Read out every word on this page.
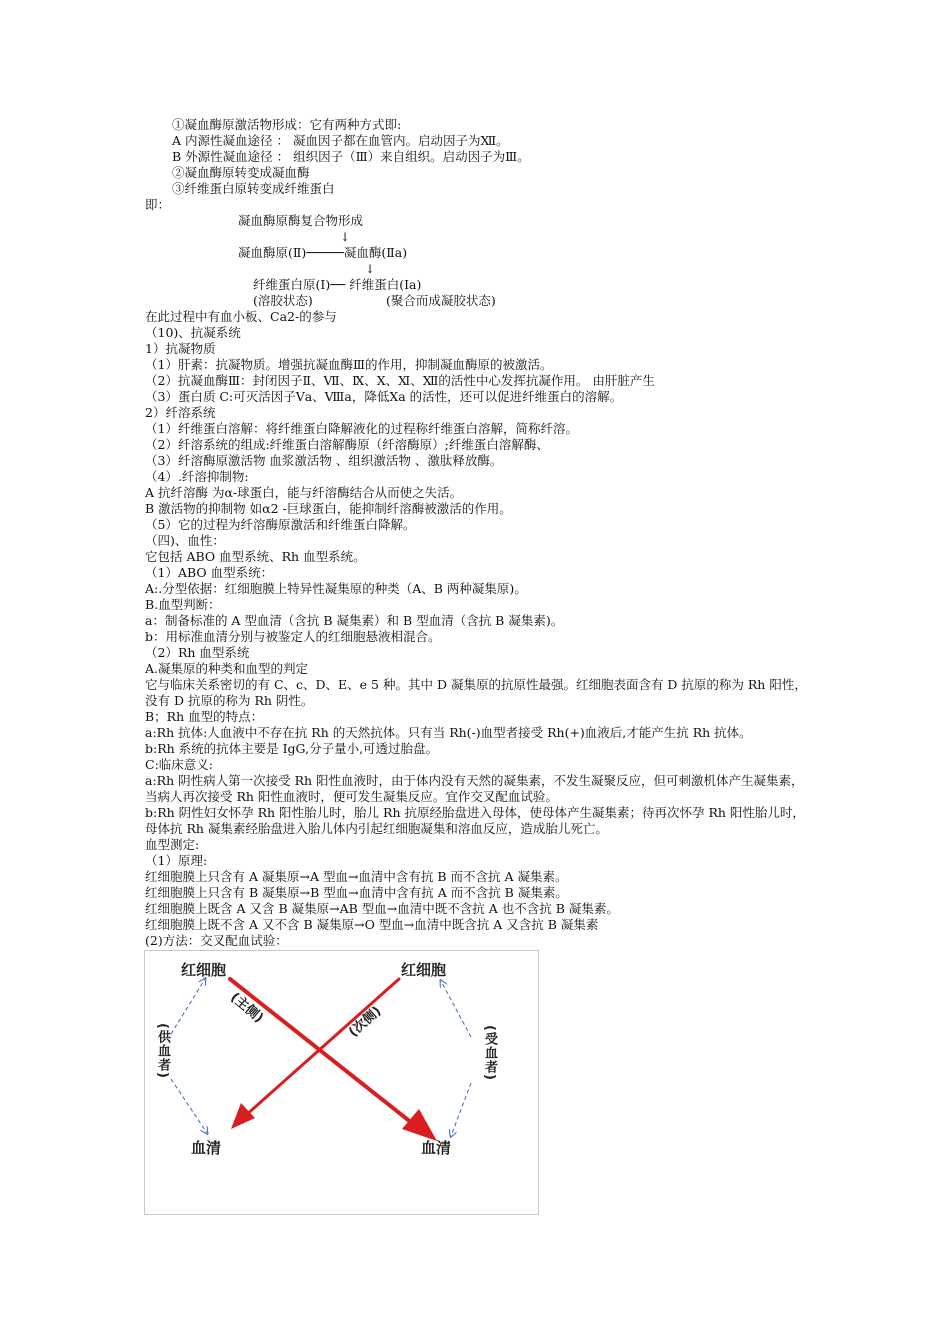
①凝血酶原激活物形成：它有两种方式即:
A 内源性凝血途径 ： 凝血因子都在血管内。启动因子为Ⅻ。
B 外源性凝血途径 ： 组织因子（Ⅲ）来自组织。启动因子为Ⅲ。
②凝血酶原转变成凝血酶
③纤维蛋白原转变成纤维蛋白
即：
凝血酶原酶复合物形成
↓
凝血酶原(Ⅱ)─────凝血酶(Ⅱa)
↓
纤维蛋白原(Ⅰ)── 纤维蛋白(Ⅰa)
(溶胶状态)	(聚合而成凝胶状态)
在此过程中有血小板、Ca2-的参与
（10)、抗凝系统
1）抗凝物质
（1）肝素：抗凝物质。增强抗凝血酶Ⅲ的作用，抑制凝血酶原的被激活。
（2）抗凝血酶Ⅲ：封闭因子Ⅱ、Ⅶ、Ⅸ、Ⅹ、Ⅺ、Ⅻ的活性中心发挥抗凝作用。 由肝脏产生
（3）蛋白质 C:可灭活因子Ⅴa、Ⅷa，降低Ⅹa 的活性，还可以促进纤维蛋白的溶解。
2）纤溶系统
（1）纤维蛋白溶解：将纤维蛋白降解液化的过程称纤维蛋白溶解，简称纤溶。
（2）纤溶系统的组成:纤维蛋白溶解酶原（纤溶酶原）;纤维蛋白溶解酶、
（3）纤溶酶原激活物 血浆激活物 、组织激活物 、激肽释放酶。
（4）.纤溶抑制物:
A 抗纤溶酶 为α-球蛋白，能与纤溶酶结合从而使之失活。
B 激活物的抑制物 如α2 -巨球蛋白，能抑制纤溶酶被激活的作用。
（5）它的过程为纤溶酶原激活和纤维蛋白降解。
（四)、血性：
它包括 ABO 血型系统、Rh 血型系统。
（1）ABO 血型系统：
A:.分型依据：红细胞膜上特异性凝集原的种类（A、B 两种凝集原)。
B.血型判断：
a：制备标准的 A 型血清（含抗 B 凝集素）和 B 型血清（含抗 B 凝集素)。
b：用标准血清分别与被鉴定人的红细胞悬液相混合。
（2）Rh 血型系统
A.凝集原的种类和血型的判定
它与临床关系密切的有 C、c、D、E、e 5 种。其中 D 凝集原的抗原性最强。红细胞表面含有 D 抗原的称为 Rh 阳性，没有 D 抗原的称为 Rh 阴性。
B；Rh 血型的特点：
a:Rh 抗体:人血液中不存在抗 Rh 的天然抗体。只有当 Rh(-)血型者接受 Rh(+)血液后,才能产生抗 Rh 抗体。
b:Rh 系统的抗体主要是 IgG,分子量小,可透过胎盘。
C:临床意义:
a:Rh 阴性病人第一次接受 Rh 阳性血液时，由于体内没有天然的凝集素，不发生凝聚反应，但可刺激机体产生凝集素，当病人再次接受 Rh 阳性血液时，便可发生凝集反应。宜作交叉配血试验。
b:Rh 阴性妇女怀孕 Rh 阳性胎儿时，胎儿 Rh 抗原经胎盘进入母体，使母体产生凝集素；待再次怀孕 Rh 阳性胎儿时，母体抗 Rh 凝集素经胎盘进入胎儿体内引起红细胞凝集和溶血反应，造成胎儿死亡。
血型测定:
（1）原理:
红细胞膜上只含有 A 凝集原→A 型血→血清中含有抗 B 而不含抗 A 凝集素。
红细胞膜上只含有 B 凝集原→B 型血→血清中含有抗 A 而不含抗 B 凝集素。
红细胞膜上既含 A 又含 B 凝集原→AB 型血→血清中既不含抗 A 也不含抗 B 凝集素。
红细胞膜上既不含 A 又不含 B 凝集原→O 型血→血清中既含抗 A 又含抗 B 凝集素
(2)方法：交叉配血试验：
红细胞	红细胞
(主侧)	(次侧)
(供血者)	(受血者)
血清	血清
